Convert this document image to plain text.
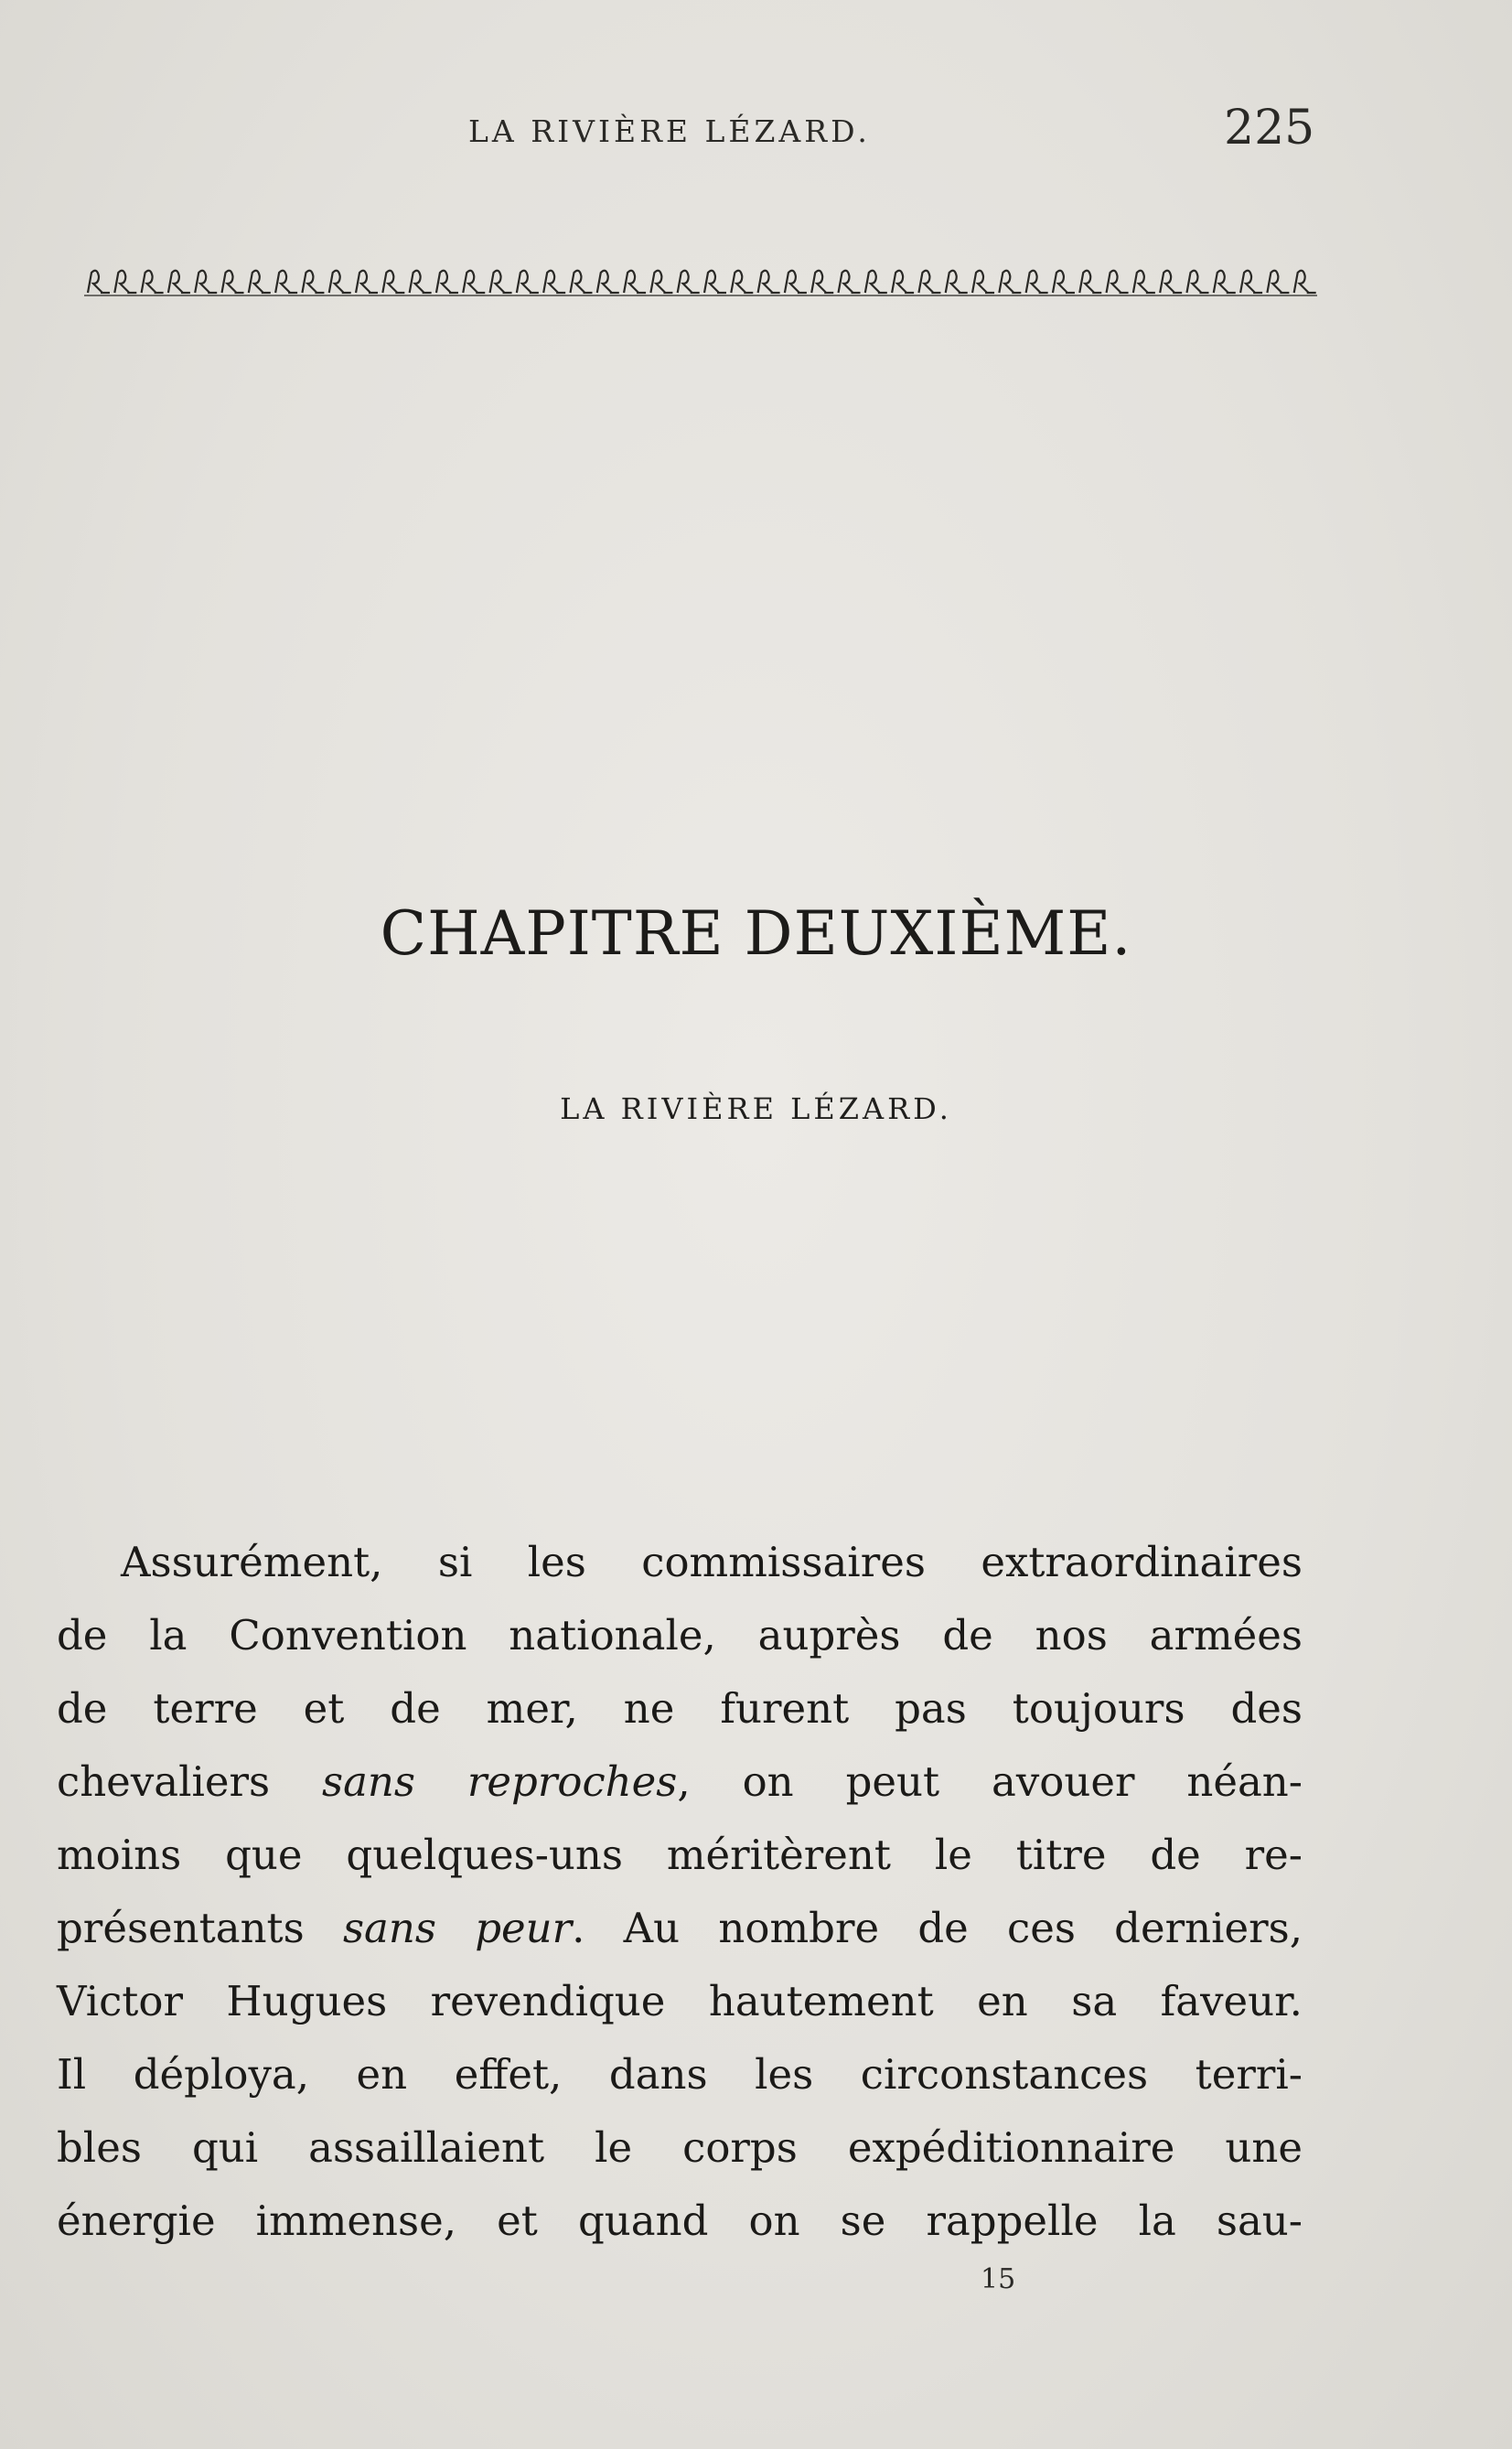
LA RIVIÈRE LÉZARD.	225
CHAPITRE DEUXIÈME.
LA RIVIÈRE LÉZARD.
Assurément, si les commissaires extraordinaires
de la Convention nationale, auprès de nos armées
de terre et de mer, ne furent pas toujours des
chevaliers sans reproches, on peut avouer néan-
moins que quelques-uns méritèrent le titre de re-
présentants sans peur. Au nombre de ces derniers,
Victor Hugues revendique hautement en sa faveur.
Il déploya, en effet, dans les circonstances terri-
bles qui assaillaient le corps expéditionnaire une
énergie immense, et quand on se rappelle la sau-
15
